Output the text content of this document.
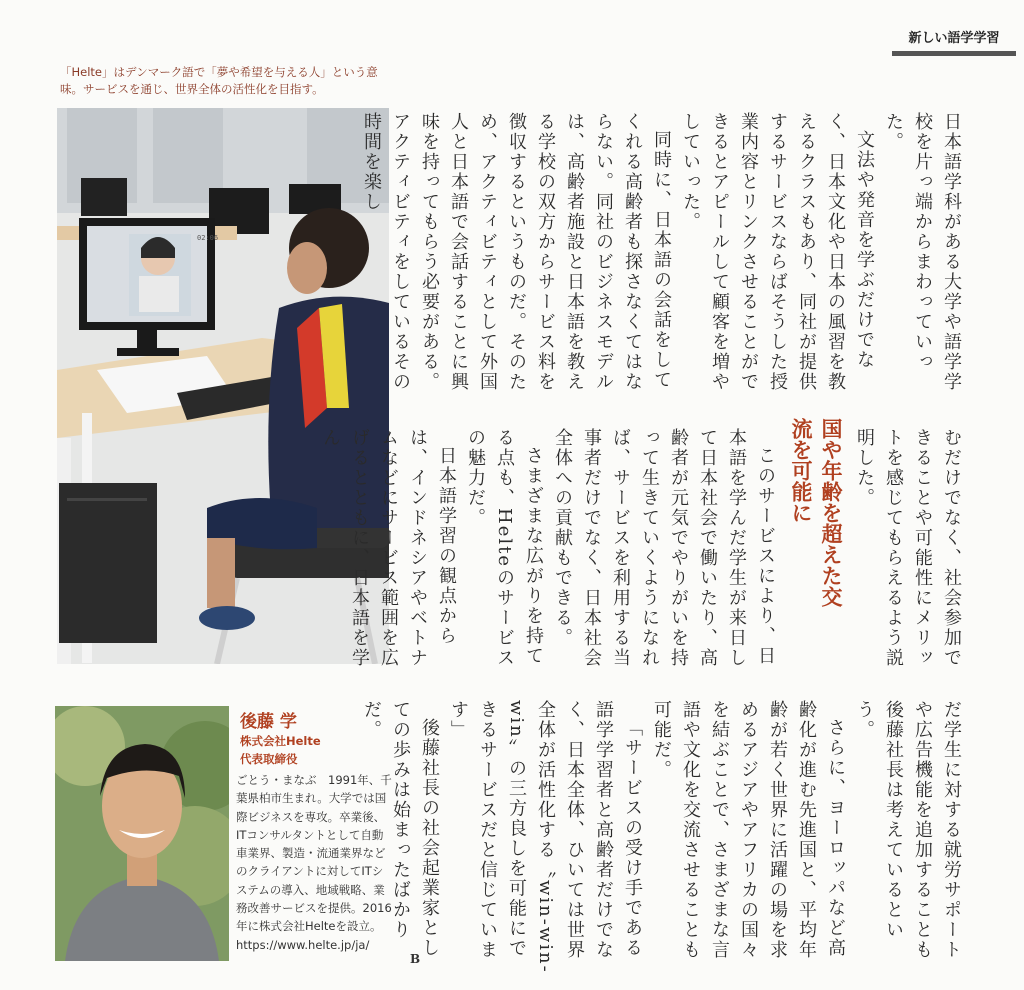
新しい語学学習
「Helte」はデンマーク語で「夢や希望を与える人」という意味。サービスを通じ、世界全体の活性化を目指す。
02:06	日本語学科がある大学や語学学校を片っ端からまわっていった。

文法や発音を学ぶだけでなく、日本文化や日本の風習を教えるクラスもあり、同社が提供するサービスならばそうした授業内容とリンクさせることができるとアピールして顧客を増やしていった。

同時に、日本語の会話をしてくれる高齢者も探さなくてはならない。同社のビジネスモデルは、高齢者施設と日本語を教える学校の双方からサービス料を徴収するというものだ。そのため、アクティビティとして外国人と日本語で会話することに興味を持ってもらう必要がある。アクティビティをしているその時間を楽し

むだけでなく、社会参加できることや可能性にメリットを感じてもらえるよう説明した。

国や年齢を超えた交流を可能に

このサービスにより、日本語を学んだ学生が来日して日本社会で働いたり、高齢者が元気でやりがいを持って生きていくようになれば、サービスを利用する当事者だけでなく、日本社会全体への貢献もできる。

さまざまな広がりを持てる点も、Helteのサービスの魅力だ。

日本語学習の観点からは、インドネシアやベトナムなどにサービス範囲を広げるとともに、日本語を学ん

だ学生に対する就労サポートや広告機能を追加することも後藤社長は考えているという。

さらに、ヨーロッパなど高齢化が進む先進国と、平均年齢が若く世界に活躍の場を求めるアジアやアフリカの国々を結ぶことで、さまざまな言語や文化を交流させることも可能だ。

「サービスの受け手である語学学習者と高齢者だけでなく、日本全体、ひいては世界全体が活性化する〝win-win-win〟の三方良しを可能にできるサービスだと信じています」

後藤社長の社会起業家としての歩みは始まったばかりだ。

後藤 学
株式会社Helte
代表取締役
ごとう・まなぶ　1991年、千葉県柏市生まれ。大学では国際ビジネスを専攻。卒業後、ITコンサルタントとして自動車業界、製造・流通業界などのクライアントに対してITシステムの導入、地域戦略、業務改善サービスを提供。2016年に株式会社Helteを設立。https://www.helte.jp/ja/
B
